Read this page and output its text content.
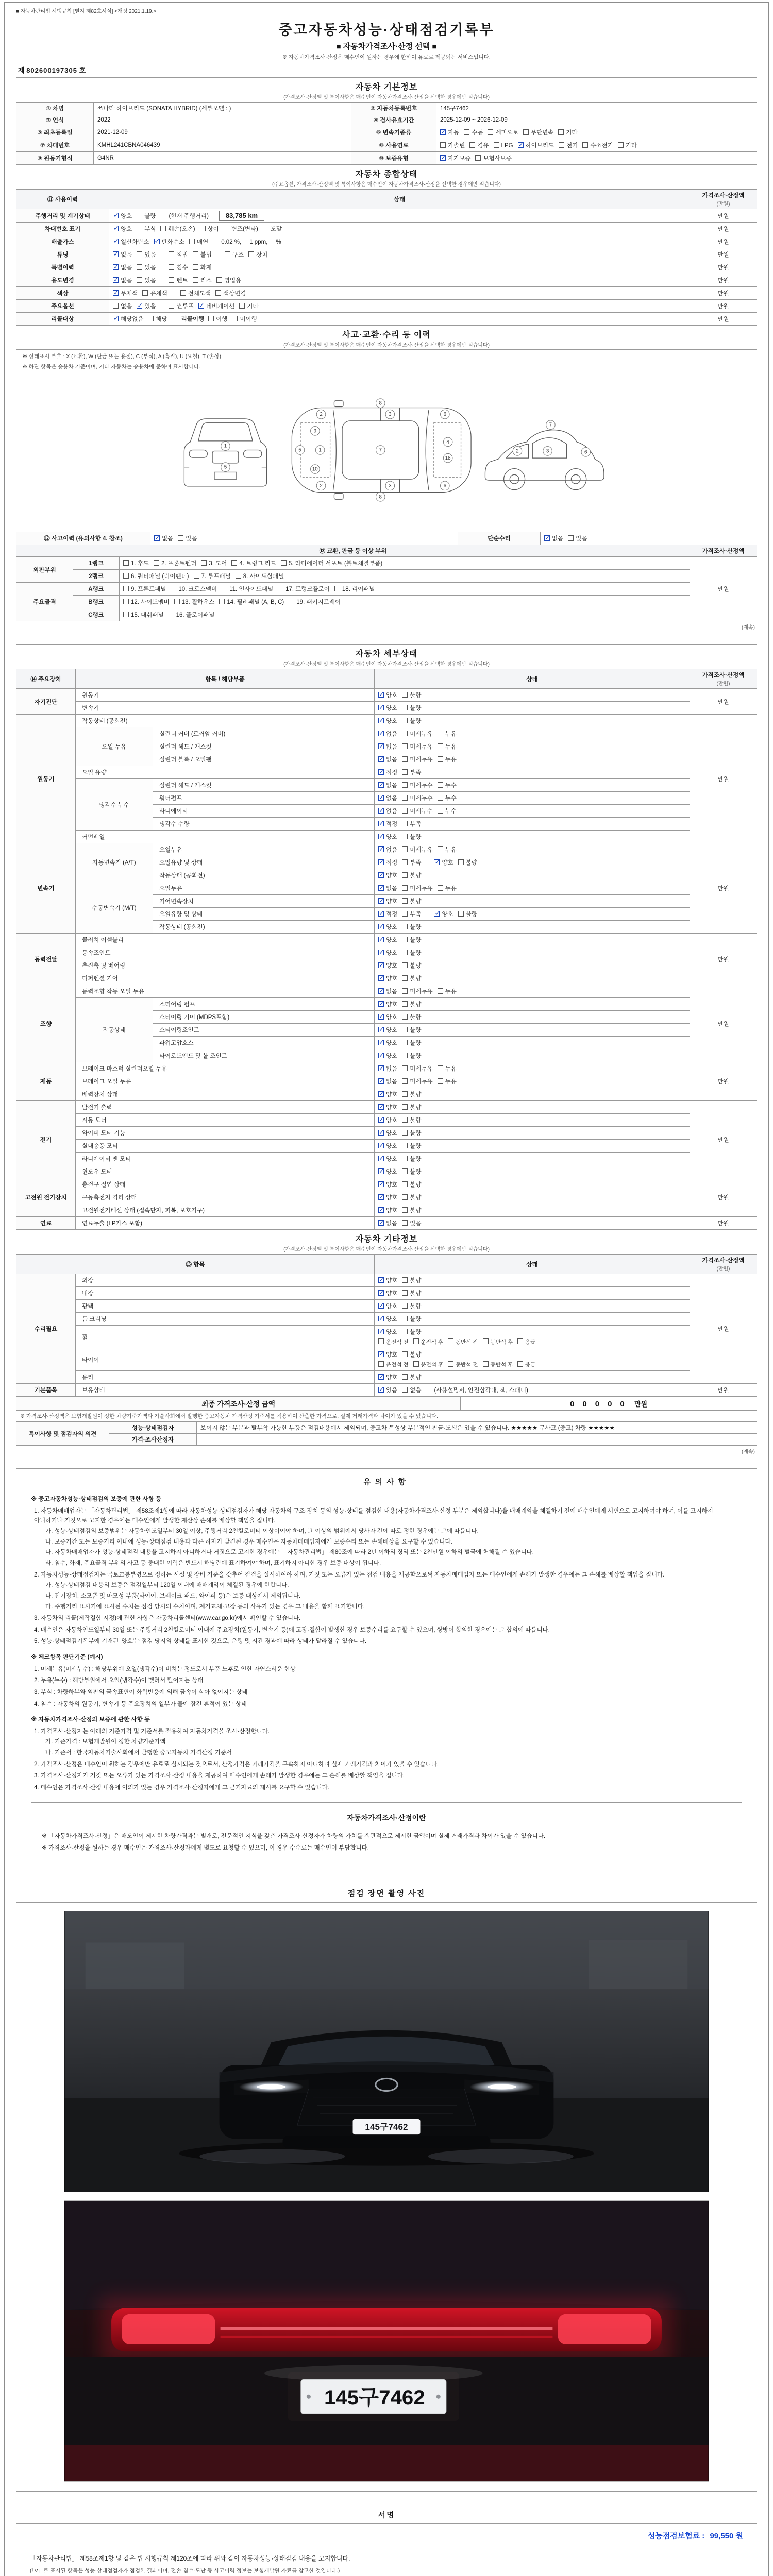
■ 자동차관리법 시행규칙 [별지 제82호서식] <개정 2021.1.19.>
중고자동차성능·상태점검기록부
■ 자동차가격조사·산정 선택 ■
※ 자동차가격조사·산정은 매수인이 원하는 경우에 한하여 유료로 제공되는 서비스입니다.
제 802600197305 호
자동차 기본정보
(가격조사·산정액 및 특이사항은 매수인이 자동차가격조사·산정을 선택한 경우에만 적습니다)
① 차명	쏘나타 하이브리드 (SONATA HYBRID) (세부모델 : )	② 자동차등록번호	145구7462
③ 연식	2022	④ 검사유효기간	2025-12-09 ~ 2026-12-09
⑤ 최초등록일	2021-12-09	⑥ 변속기종류	✓자동 수동 세미오토 무단변속 기타
⑦ 차대번호	KMHL241CBNA046439	⑧ 사용연료	가솔린 경유 LPG ✓ 하이브리드 전기 수소전기 기타
⑨ 원동기형식	G4NR	⑩ 보증유형	✓자가보증 보험사보증
자동차 종합상태
(주요옵션, 가격조사·산정액 및 특이사항은 매수인이 자동차가격조사·산정을 선택한 경우에만 적습니다)
⑪ 사용이력	상태	가격조사·산정액
(만원)

주행거리 및 계기상태	✓양호 불량 (현재 주행거리) 83,785 km	만원
차대번호 표기	✓양호 부식 훼손(오손) 상이 변조(변타) 도말	만원
배출가스	✓일산화탄소 ✓ 탄화수소 매연 0.02 %, 1 ppm, %	만원
튜닝	✓없음 있음 적법 불법 구조 장치	만원
특별이력	✓없음 있음 침수 화재	만원
용도변경	✓없음 있음 렌트 리스 영업용	만원
색상	✓무채색 유채색 전체도색 색상변경	만원
주요옵션	없음 ✓ 있음 썬루프 ✓ 네비게이션 기타	만원
리콜대상	✓해당없음 해당 리콜이행 이행 미이행	만원
사고·교환·수리 등 이력
(가격조사·산정액 및 특이사항은 매수인이 자동차가격조사·산정을 선택한 경우에만 적습니다)
※ 상태표시 부호 : X (교환), W (판금 또는 용접), C (부식), A (흠집), U (요철), T (손상)
※ 하단 항목은 승용차 기준이며, 기타 자동차는 승용차에 준하여 표시합니다.
1
5
5	1
9
10
7
2
2
3
3
8
8
6
6
4
18
2	3	6
7
⑫ 사고이력 (유의사항 4. 참조)	✓없음 있음	단순수리	✓없음 있음
⑬ 교환, 판금 등 이상 부위			가격조사·산정액
외판부위	1랭크	1. 후드 2. 프론트펜더 3. 도어 4. 트렁크 리드 5. 라디에이터 서포트 (볼트체결부품)	만원
	2랭크	6. 쿼터패널 (리어펜더) 7. 루프패널 8. 사이드실패널	
주요골격	A랭크	9. 프론트패널 10. 크로스멤버 11. 인사이드패널 17. 트렁크플로어 18. 리어패널	
	B랭크	12. 사이드멤버 13. 휠하우스 14. 필러패널 (A, B, C) 19. 패키지트레이	
	C랭크	15. 대쉬패널 16. 플로어패널	
(계속)
자동차 세부상태
(가격조사·산정액 및 특이사항은 매수인이 자동차가격조사·산정을 선택한 경우에만 적습니다)
⑭ 주요장치	항목 / 해당부품		상태	가격조사·산정액
(만원)

자기진단	원동기	✓양호 불량	만원
	변속기	✓양호 불량
원동기	작동상태 (공회전)	✓양호 불량	만원
	오일 누유	실린더 커버 (로커암 커버)	✓없음 미세누유 누유
		실린더 헤드 / 개스킷	✓없음 미세누유 누유
		실린더 블록 / 오일팬	✓없음 미세누유 누유
	오일 유량	✓적정 부족
	냉각수 누수	실린더 헤드 / 개스킷	✓없음 미세누수 누수
		워터펌프	✓없음 미세누수 누수
		라디에이터	✓없음 미세누수 누수
		냉각수 수량	✓적정 부족
	커먼레일	✓양호 불량
변속기	자동변속기 (A/T)	오일누유	✓없음 미세누유 누유	만원
		오일유량 및 상태	✓적정 부족 ✓ 양호 불량
		작동상태 (공회전)	✓양호 불량
	수동변속기 (M/T)	오일누유	✓없음 미세누유 누유
		기어변속장치	✓양호 불량
		오일유량 및 상태	✓적정 부족 ✓ 양호 불량
		작동상태 (공회전)	✓양호 불량
동력전달	클러치 어셈블리	✓양호 불량	만원
	등속조인트	✓양호 불량
	추진축 및 베어링	✓양호 불량
	디퍼렌셜 기어	✓양호 불량
조향	동력조향 작동 오일 누유	✓없음 미세누유 누유	만원
	작동상태	스티어링 펌프	✓양호 불량
		스티어링 기어 (MDPS포함)	✓양호 불량
		스티어링조인트	✓양호 불량
		파워고압호스	✓양호 불량
		타이로드엔드 및 볼 조인트	✓양호 불량
제동	브레이크 마스터 실린더오일 누유	✓없음 미세누유 누유	만원
	브레이크 오일 누유	✓없음 미세누유 누유
	배력장치 상태	✓양호 불량
전기	발전기 출력	✓양호 불량	만원
	시동 모터	✓양호 불량
	와이퍼 모터 기능	✓양호 불량
	실내송풍 모터	✓양호 불량
	라디에이터 팬 모터	✓양호 불량
	윈도우 모터	✓양호 불량
고전원 전기장치	충전구 절연 상태	✓양호 불량	만원
	구동축전지 격리 상태	✓양호 불량
	고전원전기배선 상태 (접속단자, 피복, 보호기구)	✓양호 불량
연료	연료누출 (LP가스 포함)	✓없음 있음	만원
자동차 기타정보
(가격조사·산정액 및 특이사항은 매수인이 자동차가격조사·산정을 선택한 경우에만 적습니다)
⑮ 항목		상태	가격조사·산정액
(만원)

수리필요	외장	✓양호 불량	만원
	내장	✓양호 불량
	광택	✓양호 불량
	룸 크리닝	✓양호 불량
	휠	✓양호 불량
운전석 전 운전석 후 동반석 전 동반석 후 응급

	타이어	✓양호 불량
운전석 전 운전석 후 동반석 전 동반석 후 응급

	유리	✓양호 불량
기본품목	보유상태	✓있음 없음 (사용설명서, 안전삼각대, 잭, 스패너)	만원
최종 가격조사·산정 금액	00000 만원
※ 가격조사·산정액은 보험개발원이 정한 차량기준가액과 기술사회에서 발행한 중고자동차 가격산정 기준서를 적용하여 산출한 가격으로, 실제 거래가격과 차이가 있을 수 있습니다.
특이사항 및 점검자의 의견	성능·상태점검자	보이지 않는 부분과 탈부착 가능한 부품은 점검내용에서 제외되며, 중고차 특성상 부분적인 판금·도색은 있을 수 있습니다. ★★★★★ 무사고 (중고) 차량 ★★★★★
	가격·조사산정자	
(계속)
유의사항
※ 중고자동차성능·상태점검의 보증에 관한 사항 등
1. 자동차매매업자는 「자동차관리법」 제58조제1항에 따라 자동차성능·상태점검자가 해당 자동차의 구조·장치 등의 성능·상태를 점검한 내용(자동차가격조사·산정 부분은 제외합니다)을 매매계약을 체결하기 전에 매수인에게 서면으로 고지하여야 하며, 이를 고지하지 아니하거나 거짓으로 고지한 경우에는 매수인에게 발생한 재산상 손해를 배상할 책임을 집니다.
가. 성능·상태점검의 보증범위는 자동차인도일부터 30일 이상, 주행거리 2천킬로미터 이상이어야 하며, 그 이상의 범위에서 당사자 간에 따로 정한 경우에는 그에 따릅니다.
나. 보증기간 또는 보증거리 이내에 성능·상태점검 내용과 다른 하자가 발견된 경우 매수인은 자동차매매업자에게 보증수리 또는 손해배상을 요구할 수 있습니다.
다. 자동차매매업자가 성능·상태점검 내용을 고지하지 아니하거나 거짓으로 고지한 경우에는 「자동차관리법」 제80조에 따라 2년 이하의 징역 또는 2천만원 이하의 벌금에 처해질 수 있습니다.
라. 침수, 화재, 주요골격 부위의 사고 등 중대한 이력은 반드시 해당란에 표기하여야 하며, 표기하지 아니한 경우 보증 대상이 됩니다.
2. 자동차성능·상태점검자는 국토교통부령으로 정하는 시설 및 장비 기준을 갖추어 점검을 실시하여야 하며, 거짓 또는 오류가 있는 점검 내용을 제공함으로써 자동차매매업자 또는 매수인에게 손해가 발생한 경우에는 그 손해를 배상할 책임을 집니다.
가. 성능·상태점검 내용의 보증은 점검일부터 120일 이내에 매매계약이 체결된 경우에 한합니다.
나. 전기장치, 소모품 및 마모성 부품(타이어, 브레이크 패드, 와이퍼 등)은 보증 대상에서 제외됩니다.
다. 주행거리 표시기에 표시된 수치는 점검 당시의 수치이며, 계기교체·고장 등의 사유가 있는 경우 그 내용을 함께 표기합니다.
3. 자동차의 리콜(제작결함 시정)에 관한 사항은 자동차리콜센터(www.car.go.kr)에서 확인할 수 있습니다.
4. 매수인은 자동차인도일부터 30일 또는 주행거리 2천킬로미터 이내에 주요장치(원동기, 변속기 등)에 고장·결함이 발생한 경우 보증수리를 요구할 수 있으며, 쌍방이 합의한 경우에는 그 합의에 따릅니다.
5. 성능·상태점검기록부에 기재된 '양호'는 점검 당시의 상태를 표시한 것으로, 운행 및 시간 경과에 따라 상태가 달라질 수 있습니다.
※ 체크항목 판단기준 (예시)
1. 미세누유(미세누수) : 해당부위에 오일(냉각수)이 비치는 정도로서 부품 노후로 인한 자연스러운 현상
2. 누유(누수) : 해당부위에서 오일(냉각수)이 맺혀서 떨어지는 상태
3. 부식 : 차량하부와 외판의 금속표면이 화학반응에 의해 금속이 삭아 없어지는 상태
4. 침수 : 자동차의 원동기, 변속기 등 주요장치의 일부가 물에 잠긴 흔적이 있는 상태
※ 자동차가격조사·산정의 보증에 관한 사항 등
1. 가격조사·산정자는 아래의 기준가격 및 기준서를 적용하여 자동차가격을 조사·산정합니다.
가. 기준가격 : 보험개발원이 정한 차량기준가액
나. 기준서 : 한국자동차기술사회에서 발행한 중고자동차 가격산정 기준서
2. 가격조사·산정은 매수인이 원하는 경우에만 유료로 실시되는 것으로서, 산정가격은 거래가격을 구속하지 아니하며 실제 거래가격과 차이가 있을 수 있습니다.
3. 가격조사·산정자가 거짓 또는 오류가 있는 가격조사·산정 내용을 제공하여 매수인에게 손해가 발생한 경우에는 그 손해를 배상할 책임을 집니다.
4. 매수인은 가격조사·산정 내용에 이의가 있는 경우 가격조사·산정자에게 그 근거자료의 제시를 요구할 수 있습니다.
자동차가격조사·산정이란
※ 「자동차가격조사·산정」은 매도인이 제시한 차량가격과는 별개로, 전문적인 지식을 갖춘 가격조사·산정자가 차량의 가치를 객관적으로 제시한 금액이며 실제 거래가격과 차이가 있을 수 있습니다.
※ 가격조사·산정을 원하는 경우 매수인은 가격조사·산정자에게 별도로 요청할 수 있으며, 이 경우 수수료는 매수인이 부담합니다.
점검 장면 촬영 사진
145구7462
145구7462
서명
성능점검보험료 : 99,550 원
「자동차관리법」 제58조제1항 및 같은 법 시행규칙 제120조에 따라 위와 같이 자동차성능·상태점검 내용을 고지합니다.
(「V」로 표시된 항목은 성능·상태점검자가 점검한 결과이며, 전손·침수·도난 등 사고이력 정보는 보험개발원 자료를 참고한 것입니다.)
